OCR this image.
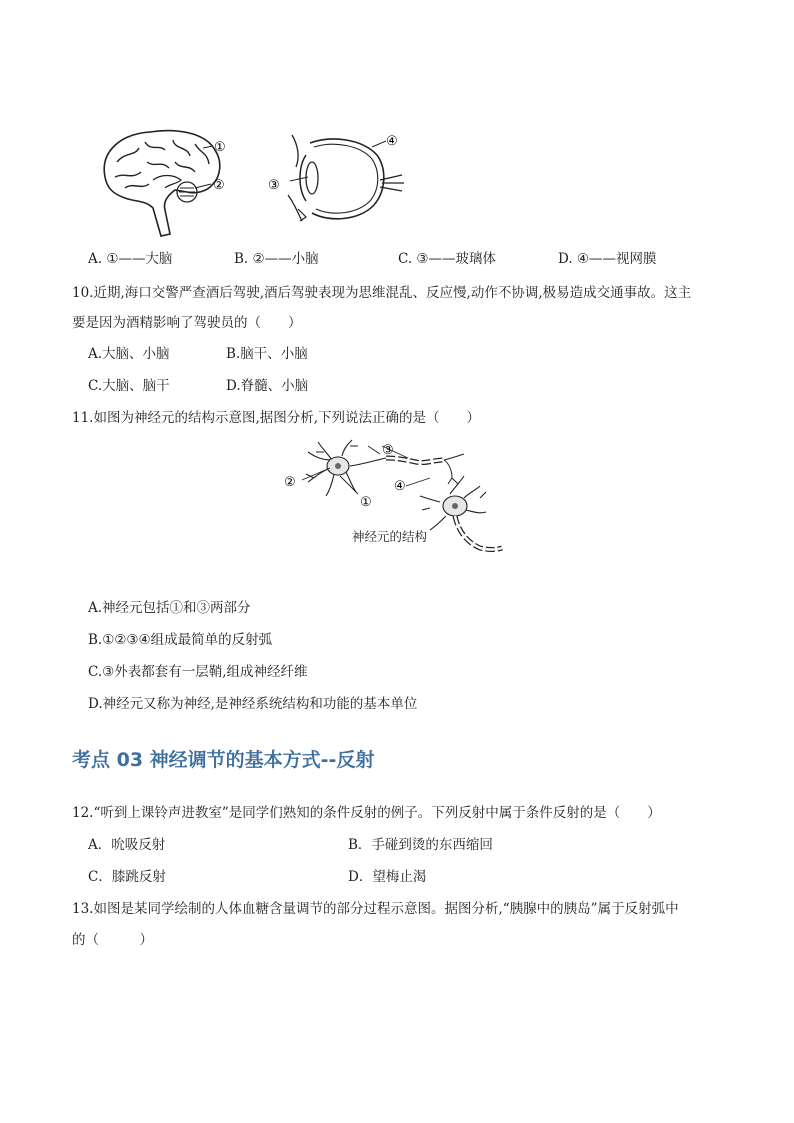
①
②	③
④
A. ①——大脑	B. ②——小脑	C. ③——玻璃体	D. ④——视网膜
10.近期,海口交警严查酒后驾驶,酒后驾驶表现为思维混乱、反应慢,动作不协调,极易造成交通事故。这主
要是因为酒精影响了驾驶员的（　　）
A.大脑、小脑	B.脑干、小脑
C.大脑、脑干	D.脊髓、小脑
11.如图为神经元的结构示意图,据图分析,下列说法正确的是（　　）
②
①
③
④
神经元的结构
A.神经元包括①和③两部分
B.①②③④组成最简单的反射弧
C.③外表都套有一层鞘,组成神经纤维
D.神经元又称为神经,是神经系统结构和功能的基本单位
考点 03 神经调节的基本方式--反射
12.“听到上课铃声进教室”是同学们熟知的条件反射的例子。下列反射中属于条件反射的是（　　）
A．吮吸反射	B．手碰到烫的东西缩回
C．膝跳反射	D．望梅止渴
13.如图是某同学绘制的人体血糖含量调节的部分过程示意图。据图分析,“胰腺中的胰岛”属于反射弧中
的（　　　）
